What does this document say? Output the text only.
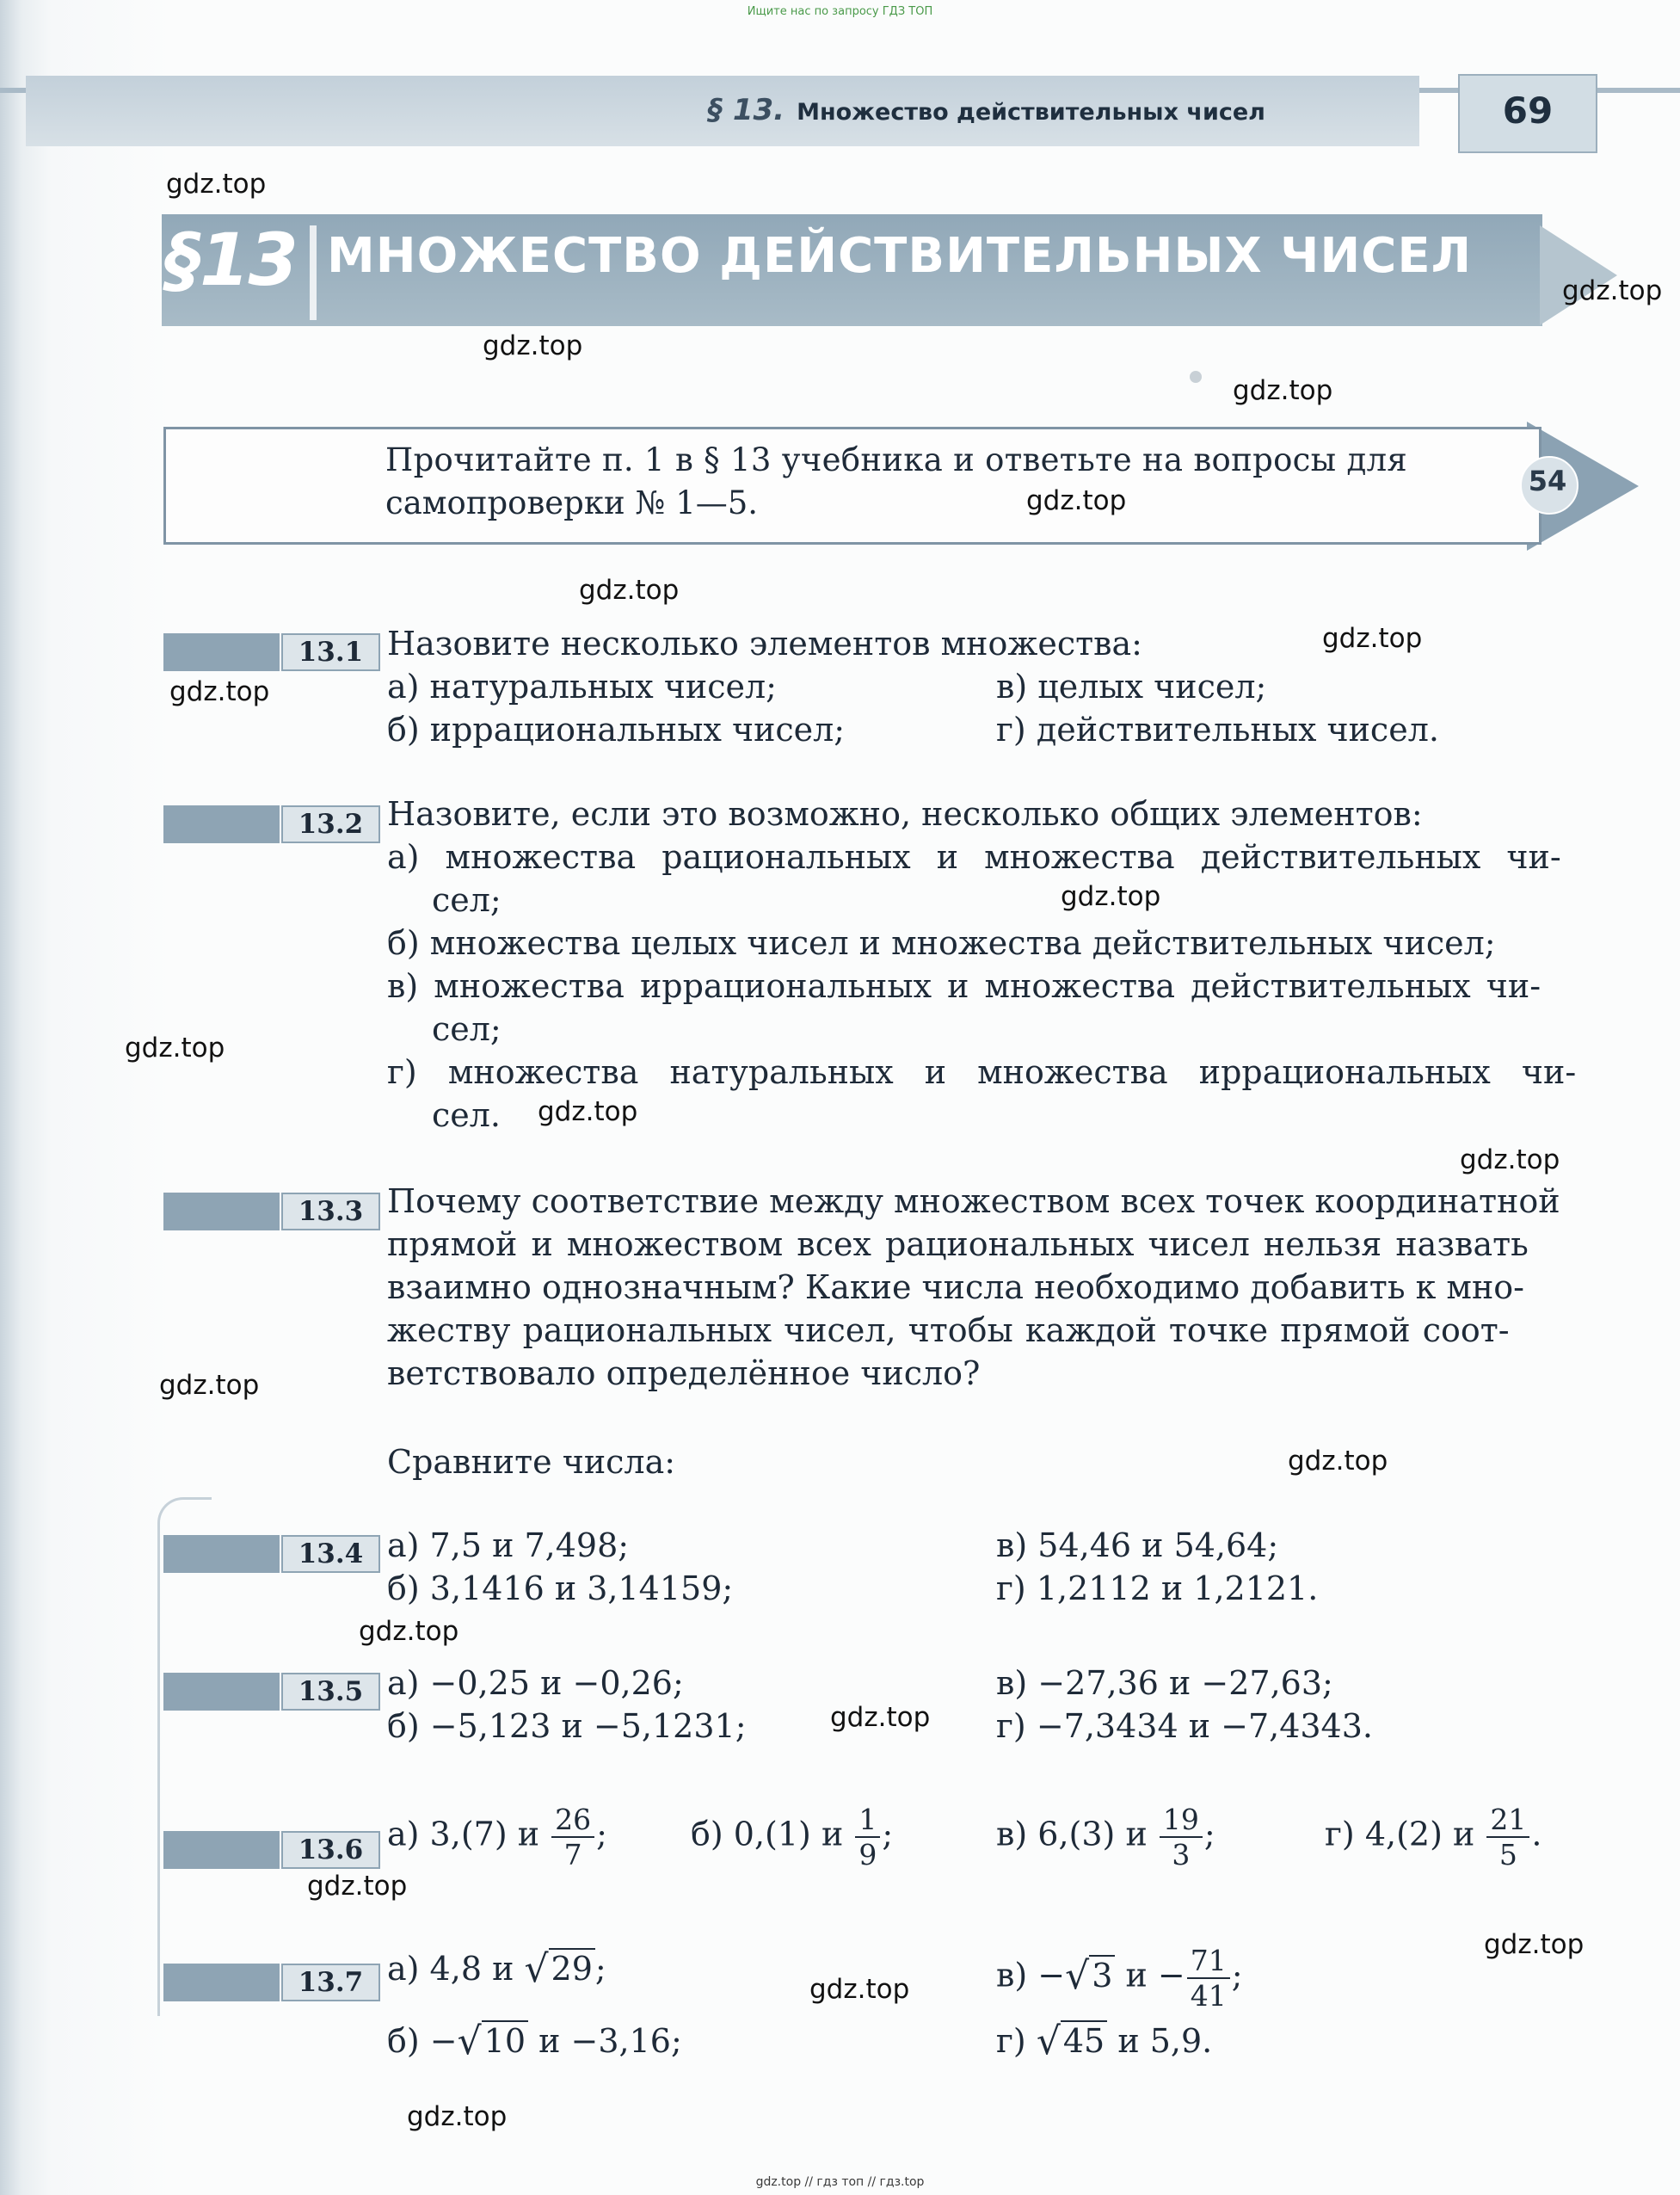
Ищите нас по запросу ГДЗ ТОП
§ 13. Множество действительных чисел	69
§13 МНОЖЕСТВО ДЕЙСТВИТЕЛЬНЫХ ЧИСЕЛ
Прочитайте п. 1 в § 13 учебника и ответьте на вопросы для
самопроверки № 1—5.
54
13.1 Назовите несколько элементов множества:
а) натуральных чисел;	в) целых чисел;
б) иррациональных чисел;	г) действительных чисел.
13.2 Назовите, если это возможно, несколько общих элементов:
а) множества рациональных и множества действительных чи-
сел;
б) множества целых чисел и множества действительных чисел;
в) множества иррациональных и множества действительных чи-
сел;
г) множества натуральных и множества иррациональных чи-
сел.
13.3 Почему соответствие между множеством всех точек координатной
прямой и множеством всех рациональных чисел нельзя назвать
взаимно однозначным? Какие числа необходимо добавить к мно-
жеству рациональных чисел, чтобы каждой точке прямой соот-
ветствовало определённое число?
Сравните числа:
13.4 а) 7,5 и 7,498;	в) 54,46 и 54,64;
б) 3,1416 и 3,14159;	г) 1,2112 и 1,2121.
13.5 а) −0,25 и −0,26;	в) −27,36 и −27,63;
б) −5,123 и −5,1231;	г) −7,3434 и −7,4343.
13.6 а) 3,(7) и $\frac{26}{7}$ ;	б) 0,(1) и $\frac{1}{9}$ ;	в) 6,(3) и $\frac{19}{3}$ ;	г) 4,(2) и $\frac{21}{5}$ .
13.7 а) 4,8 и √29;	в) −√3 $и - \frac{71}{41}$ ;
б) −√10 и −3,16;	г) √45 и 5,9.
gdz.top
gdz.top
gdz.top
gdz.top
gdz.top
gdz.top
gdz.top
gdz.top
gdz.top
gdz.top
gdz.top
gdz.top
gdz.top
gdz.top
gdz.top
gdz.top
gdz.top
gdz.top
gdz.top
gdz.top
gdz.top // гдз топ // гдз.top
